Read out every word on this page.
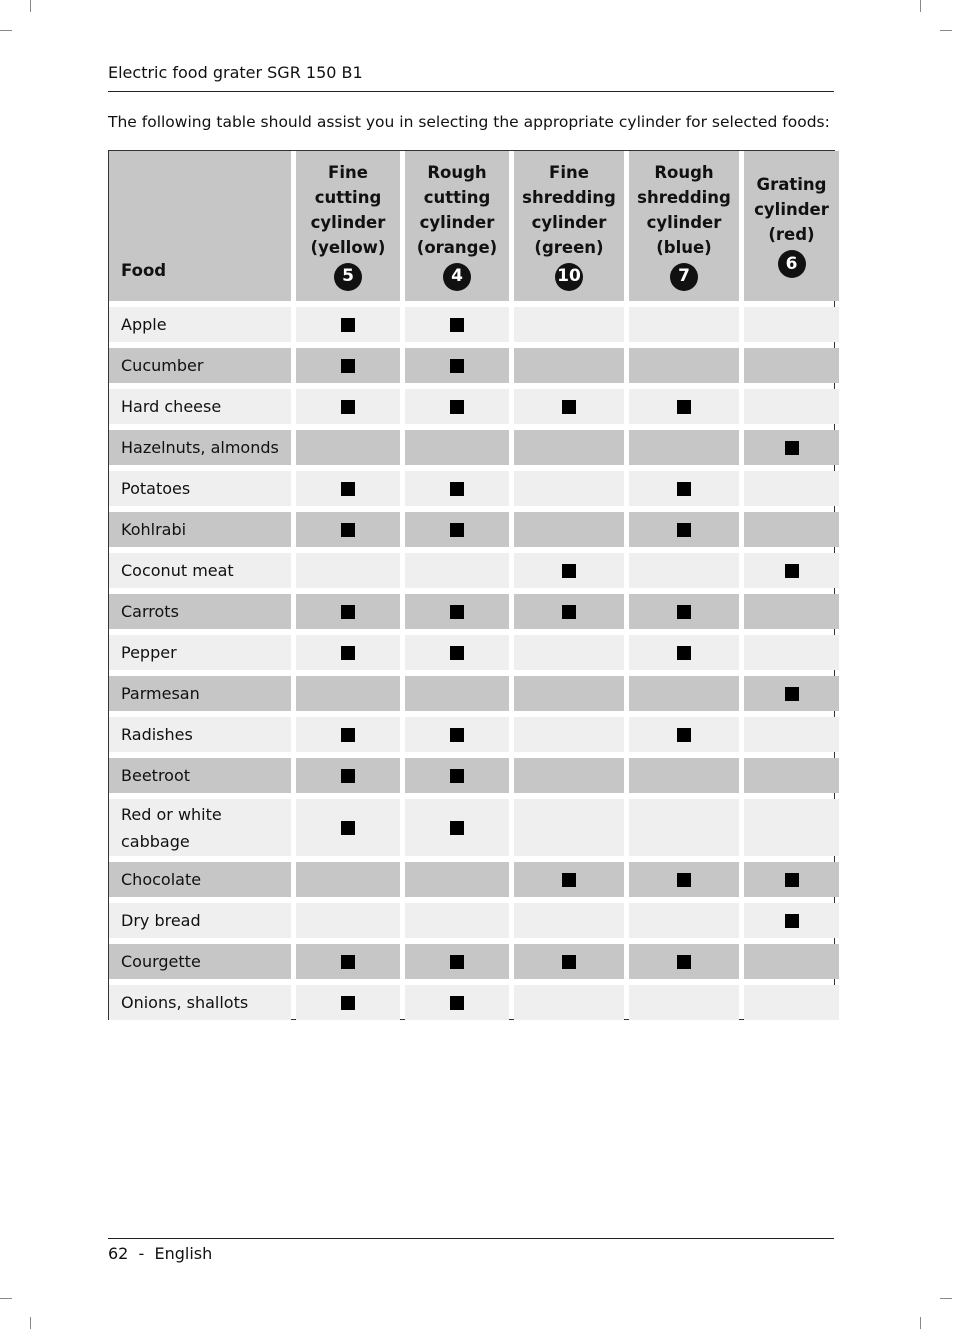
Electric food grater SGR 150 B1
The following table should assist you in selecting the appropriate cylinder for selected foods:
Food
Fine
cutting
cylinder
(yellow)
5
Rough
cutting
cylinder
(orange)
4
Fine
shredding
cylinder
(green)
10
Rough
shredding
cylinder
(blue)
7
Grating
cylinder
(red)
6
Apple
Cucumber
Hard cheese
Hazelnuts, almonds
Potatoes
Kohlrabi
Coconut meat
Carrots
Pepper
Parmesan
Radishes
Beetroot
Red or white cabbage
Chocolate
Dry bread
Courgette
Onions, shallots
62 - English
